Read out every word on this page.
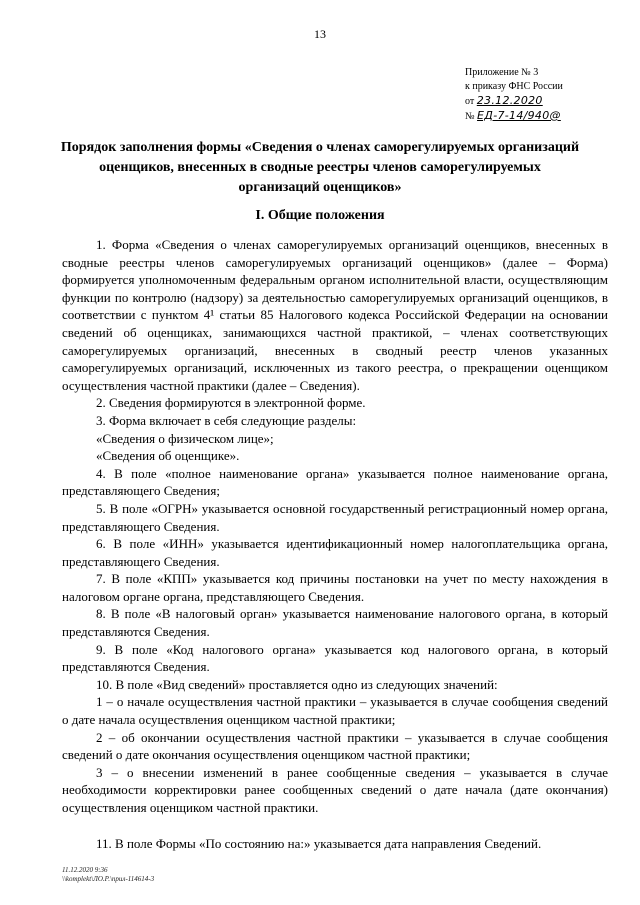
13
Приложение № 3
к приказу ФНС России
от 23.12.2020
№ ЕД-7-14/940@
Порядок заполнения формы «Сведения о членах саморегулируемых организаций оценщиков, внесенных в сводные реестры членов саморегулируемых организаций оценщиков»
I. Общие положения

1. Форма «Сведения о членах саморегулируемых организаций оценщиков, внесенных в сводные реестры членов саморегулируемых организаций оценщиков» (далее – Форма) формируется уполномоченным федеральным органом исполнительной власти, осуществляющим функции по контролю (надзору) за деятельностью саморегулируемых организаций оценщиков, в соответствии с пунктом 4¹ статьи 85 Налогового кодекса Российской Федерации на основании сведений об оценщиках, занимающихся частной практикой, – членах соответствующих саморегулируемых организаций, внесенных в сводный реестр членов указанных саморегулируемых организаций, исключенных из такого реестра, о прекращении оценщиком осуществления частной практики (далее – Сведения).

2. Сведения формируются в электронной форме.

3. Форма включает в себя следующие разделы:

«Сведения о физическом лице»;

«Сведения об оценщике».

4. В поле «полное наименование органа» указывается полное наименование органа, представляющего Сведения;

5. В поле «ОГРН» указывается основной государственный регистрационный номер органа, представляющего Сведения.

6. В поле «ИНН» указывается идентификационный номер налогоплательщика органа, представляющего Сведения.

7. В поле «КПП» указывается код причины постановки на учет по месту нахождения в налоговом органе органа, представляющего Сведения.

8. В поле «В налоговый орган» указывается наименование налогового органа, в который представляются Сведения.

9. В поле «Код налогового органа» указывается код налогового органа, в который представляются Сведения.

10. В поле «Вид сведений» проставляется одно из следующих значений:

1 – о начале осуществления частной практики – указывается в случае сообщения сведений о дате начала осуществления оценщиком частной практики;

2 – об окончании осуществления частной практики – указывается в случае сообщения сведений о дате окончания осуществления оценщиком частной практики;

3 – о внесении изменений в ранее сообщенные сведения – указывается в случае необходимости корректировки ранее сообщенных сведений о дате начала (дате окончания) осуществления оценщиком частной практики.

11. В поле Формы «По состоянию на:» указывается дата направления Сведений.

11.12.2020 9:36
\\komplekt\ЛО.Р.\прил-114614-3
